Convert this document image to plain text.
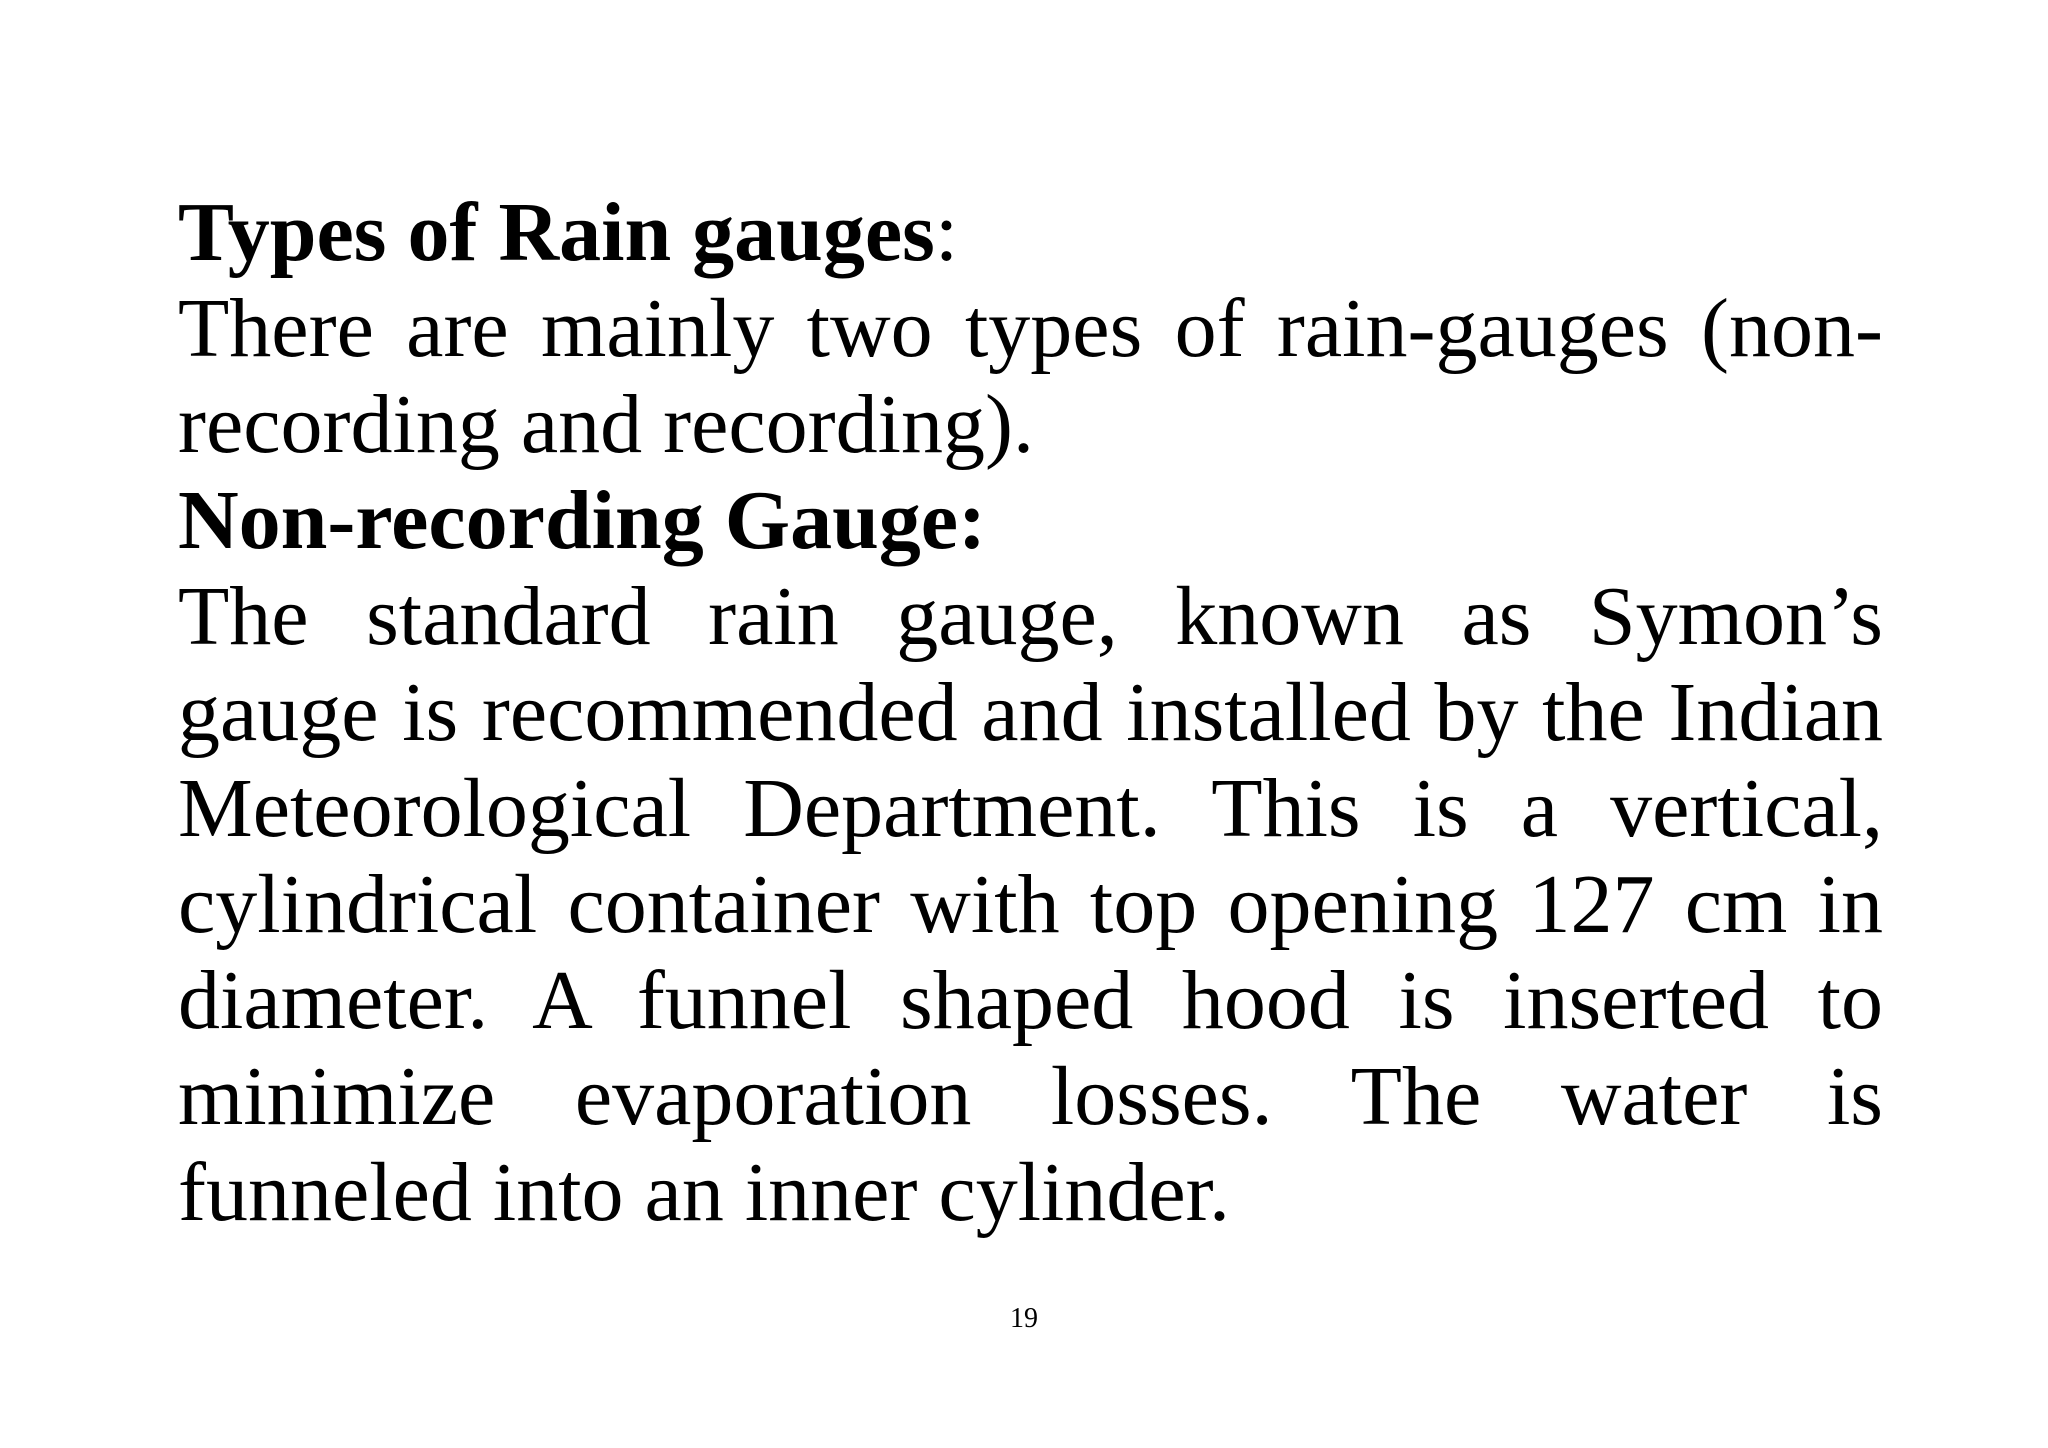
Types of Rain gauges:

There are mainly two types of rain-gauges (non-recording and recording).

Non-recording Gauge:

The standard rain gauge, known as Symon’s gauge is recommended and installed by the Indian Meteorological Department. This is a vertical, cylindrical container with top opening 127 cm in diameter. A funnel shaped hood is inserted to minimize evaporation losses. The water is funneled into an inner cylinder.

19
